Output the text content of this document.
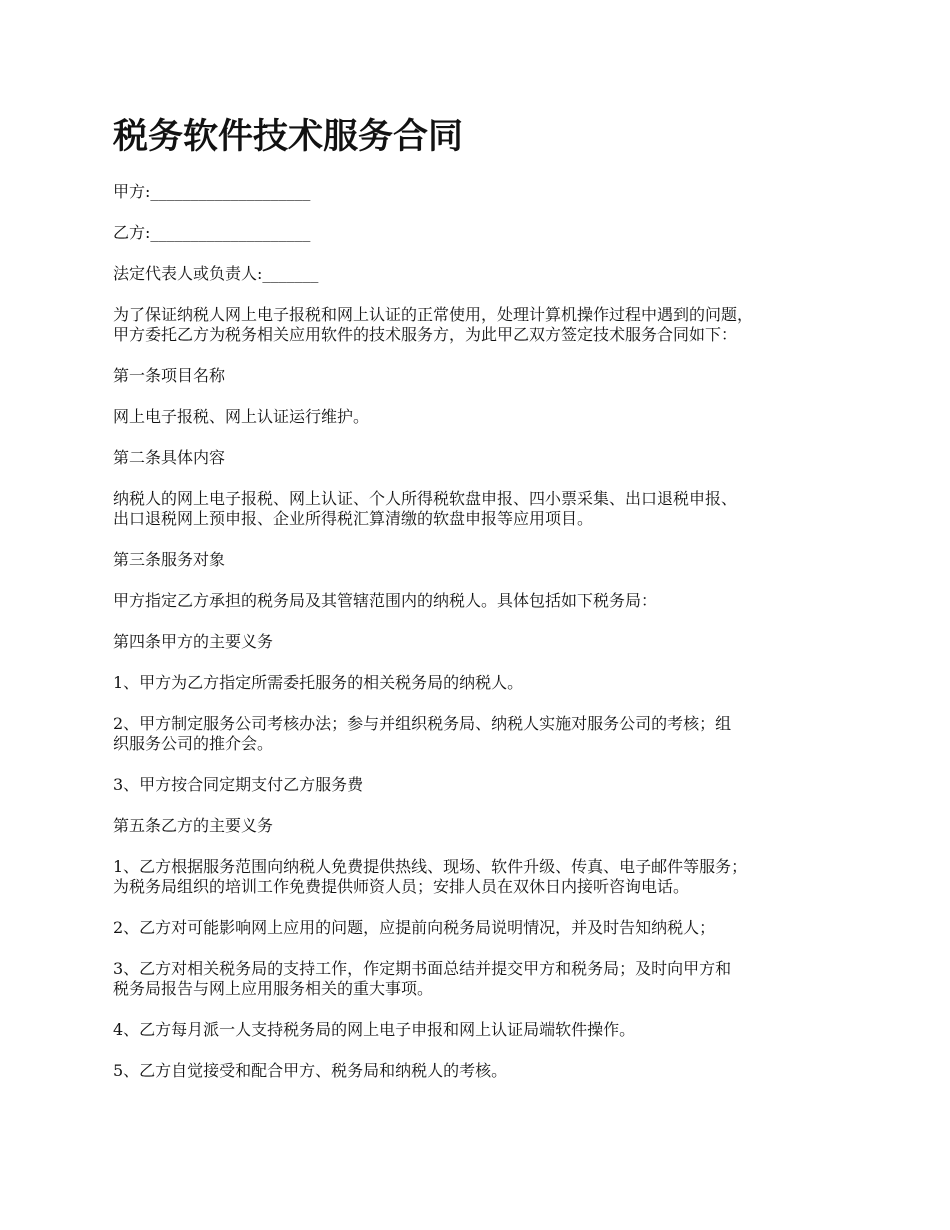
税务软件技术服务合同

甲方:____________________

乙方:____________________

法定代表人或负责人:_______

为了保证纳税人网上电子报税和网上认证的正常使用，处理计算机操作过程中遇到的问题，
甲方委托乙方为税务相关应用软件的技术服务方，为此甲乙双方签定技术服务合同如下：

第一条项目名称

网上电子报税、网上认证运行维护。

第二条具体内容

纳税人的网上电子报税、网上认证、个人所得税软盘申报、四小票采集、出口退税申报、
出口退税网上预申报、企业所得税汇算清缴的软盘申报等应用项目。

第三条服务对象

甲方指定乙方承担的税务局及其管辖范围内的纳税人。具体包括如下税务局：

第四条甲方的主要义务

1、甲方为乙方指定所需委托服务的相关税务局的纳税人。

2、甲方制定服务公司考核办法；参与并组织税务局、纳税人实施对服务公司的考核；组
织服务公司的推介会。

3、甲方按合同定期支付乙方服务费

第五条乙方的主要义务

1、乙方根据服务范围向纳税人免费提供热线、现场、软件升级、传真、电子邮件等服务；
为税务局组织的培训工作免费提供师资人员；安排人员在双休日内接听咨询电话。

2、乙方对可能影响网上应用的问题，应提前向税务局说明情况，并及时告知纳税人；

3、乙方对相关税务局的支持工作，作定期书面总结并提交甲方和税务局；及时向甲方和
税务局报告与网上应用服务相关的重大事项。

4、乙方每月派一人支持税务局的网上电子申报和网上认证局端软件操作。

5、乙方自觉接受和配合甲方、税务局和纳税人的考核。
